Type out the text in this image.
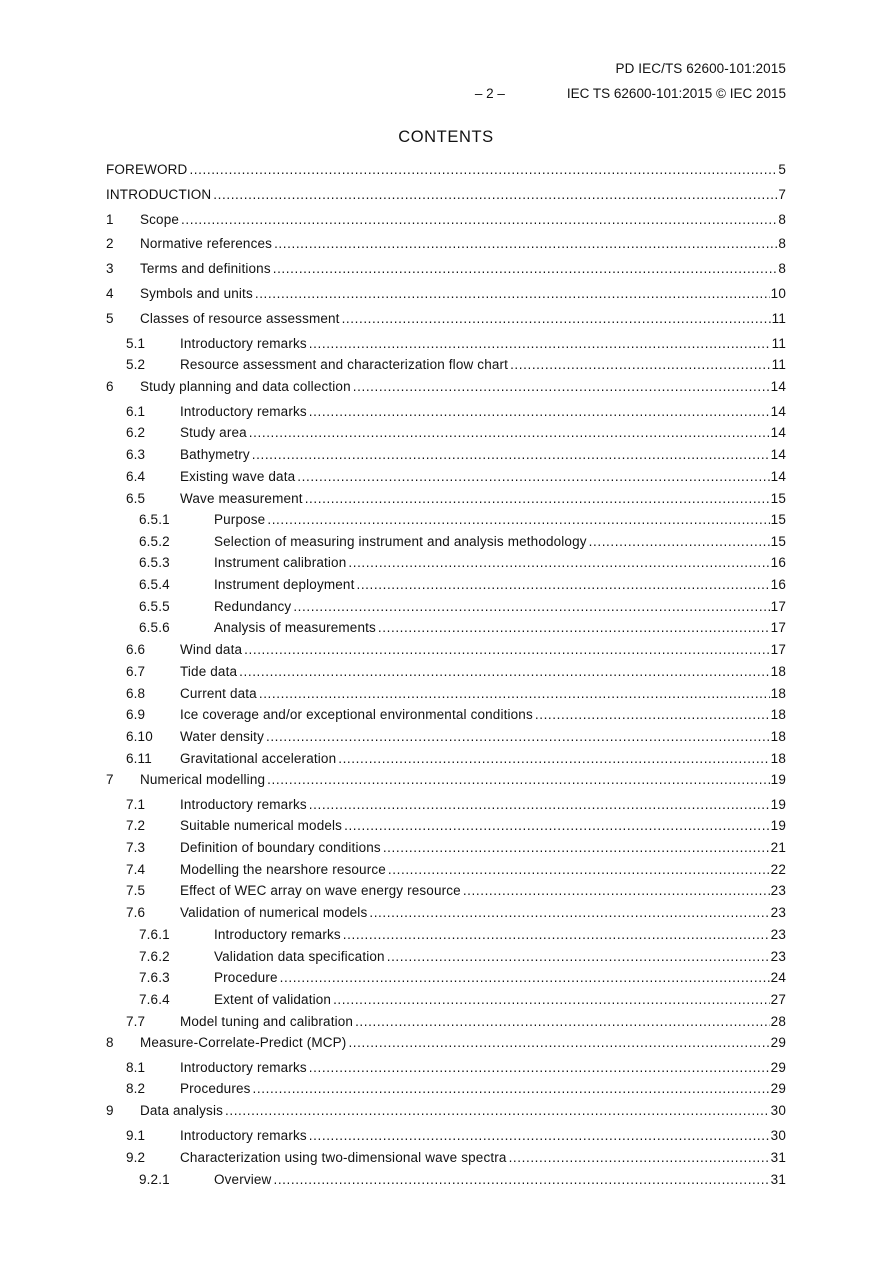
PD IEC/TS 62600-101:2015
– 2 –	IEC TS 62600-101:2015 © IEC 2015
CONTENTS
FOREWORD .....	5
INTRODUCTION .....	7
1	Scope .....	8
2	Normative references .....	8
3	Terms and definitions .....	8
4	Symbols and units .....	10
5	Classes of resource assessment .....	11
5.1	Introductory remarks .....	11
5.2	Resource assessment and characterization flow chart .....	11
6	Study planning and data collection .....	14
6.1	Introductory remarks .....	14
6.2	Study area .....	14
6.3	Bathymetry .....	14
6.4	Existing wave data .....	14
6.5	Wave measurement .....	15
6.5.1	Purpose .....	15
6.5.2	Selection of measuring instrument and analysis methodology .....	15
6.5.3	Instrument calibration .....	16
6.5.4	Instrument deployment .....	16
6.5.5	Redundancy .....	17
6.5.6	Analysis of measurements .....	17
6.6	Wind data .....	17
6.7	Tide data .....	18
6.8	Current data .....	18
6.9	Ice coverage and/or exceptional environmental conditions .....	18
6.10	Water density .....	18
6.11	Gravitational acceleration .....	18
7	Numerical modelling .....	19
7.1	Introductory remarks .....	19
7.2	Suitable numerical models .....	19
7.3	Definition of boundary conditions .....	21
7.4	Modelling the nearshore resource .....	22
7.5	Effect of WEC array on wave energy resource .....	23
7.6	Validation of numerical models .....	23
7.6.1	Introductory remarks .....	23
7.6.2	Validation data specification .....	23
7.6.3	Procedure .....	24
7.6.4	Extent of validation .....	27
7.7	Model tuning and calibration .....	28
8	Measure-Correlate-Predict (MCP) .....	29
8.1	Introductory remarks .....	29
8.2	Procedures .....	29
9	Data analysis .....	30
9.1	Introductory remarks .....	30
9.2	Characterization using two-dimensional wave spectra .....	31
9.2.1	Overview .....	31
